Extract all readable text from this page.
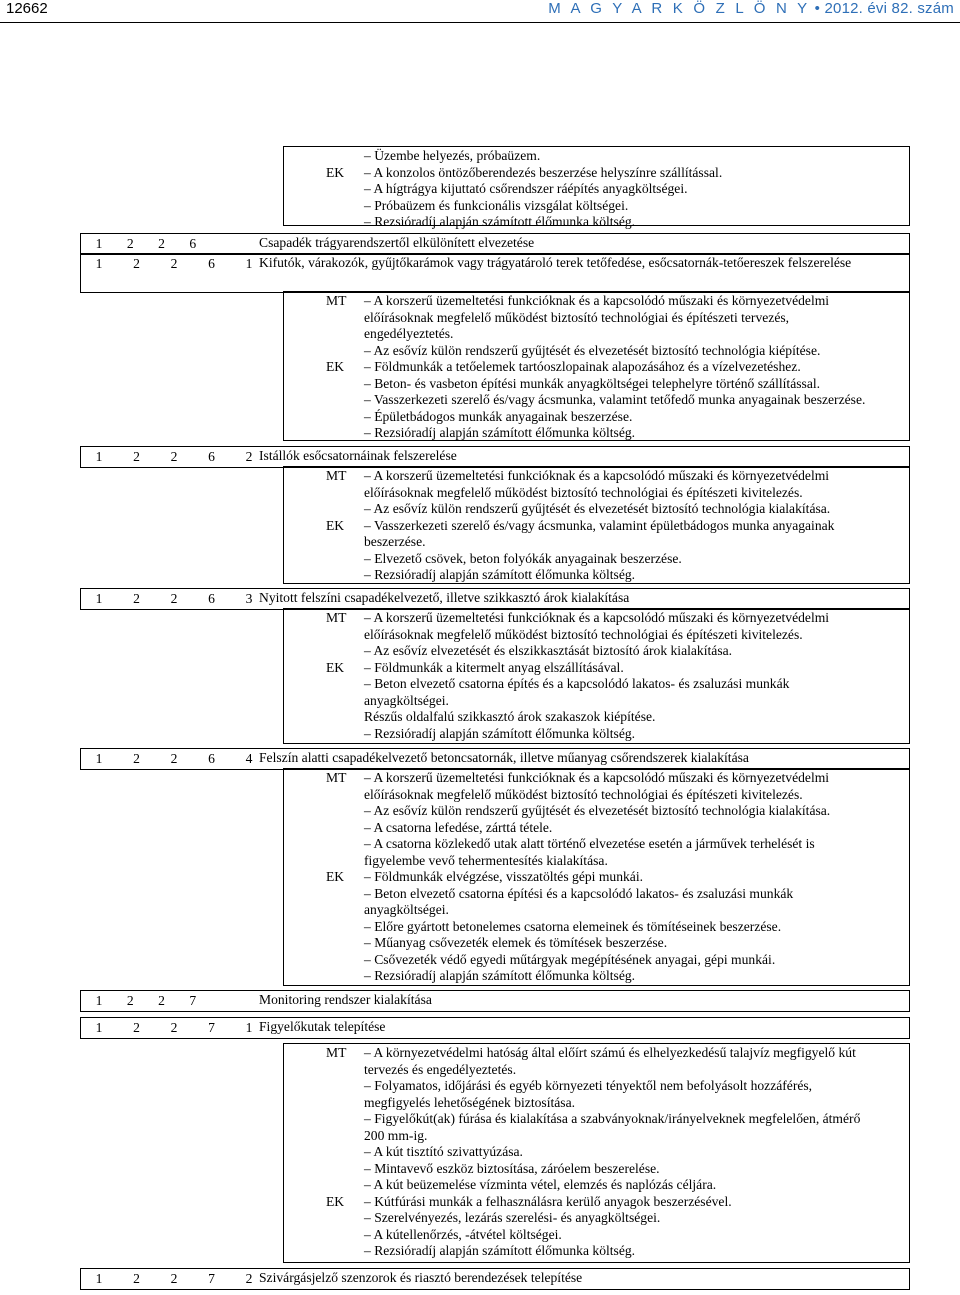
12662	M A G Y A R K Ö Z L Ö N Y • 2012. évi 82. szám
– Üzembe helyezés, próbaüzem.
EK	– A konzolos öntözőberendezés beszerzése helyszínre szállítással.
– A hígtrágya kijuttató csőrendszer ráépítés anyagköltségei.
– Próbaüzem és funkcionális vizsgálat költségei.
– Rezsióradíj alapján számított élőmunka költség.
1 2 2 6	Csapadék trágyarendszertől elkülönített elvezetése
1 2 2 6 1 Kifutók, várakozók, gyűjtőkarámok vagy trágyatároló terek tetőfedése, esőcsatornák-tetőereszek felszerelése
MT	– A korszerű üzemeltetési funkcióknak és a kapcsolódó műszaki és környezetvédelmi
előírásoknak megfelelő működést biztosító technológiai és építészeti tervezés,
engedélyeztetés.
– Az esővíz külön rendszerű gyűjtését és elvezetését biztosító technológia kiépítése.
EK	– Földmunkák a tetőelemek tartóoszlopainak alapozásához és a vízelvezetéshez.
– Beton- és vasbeton építési munkák anyagköltségei telephelyre történő szállítással.
– Vasszerkezeti szerelő és/vagy ácsmunka, valamint tetőfedő munka anyagainak beszerzése.
– Épületbádogos munkák anyagainak beszerzése.
– Rezsióradíj alapján számított élőmunka költség.
1 2 2 6 2 Istállók esőcsatornáinak felszerelése
MT	– A korszerű üzemeltetési funkcióknak és a kapcsolódó műszaki és környezetvédelmi
előírásoknak megfelelő működést biztosító technológiai és építészeti kivitelezés.
– Az esővíz külön rendszerű gyűjtését és elvezetését biztosító technológia kialakítása.
EK	– Vasszerkezeti szerelő és/vagy ácsmunka, valamint épületbádogos munka anyagainak
beszerzése.
– Elvezető csövek, beton folyókák anyagainak beszerzése.
– Rezsióradíj alapján számított élőmunka költség.
1 2 2 6 3 Nyitott felszíni csapadékelvezető, illetve szikkasztó árok kialakítása
MT	– A korszerű üzemeltetési funkcióknak és a kapcsolódó műszaki és környezetvédelmi
előírásoknak megfelelő működést biztosító technológiai és építészeti kivitelezés.
– Az esővíz elvezetését és elszikkasztását biztosító árok kialakítása.
EK	– Földmunkák a kitermelt anyag elszállításával.
– Beton elvezető csatorna építés és a kapcsolódó lakatos- és zsaluzási munkák
anyagköltségei.
Részűs oldalfalú szikkasztó árok szakaszok kiépítése.
– Rezsióradíj alapján számított élőmunka költség.
1 2 2 6 4 Felszín alatti csapadékelvezető betoncsatornák, illetve műanyag csőrendszerek kialakítása
MT	– A korszerű üzemeltetési funkcióknak és a kapcsolódó műszaki és környezetvédelmi
előírásoknak megfelelő működést biztosító technológiai és építészeti kivitelezés.
– Az esővíz külön rendszerű gyűjtését és elvezetését biztosító technológia kialakítása.
– A csatorna lefedése, zárttá tétele.
– A csatorna közlekedő utak alatt történő elvezetése esetén a járművek terhelését is
figyelembe vevő tehermentesítés kialakítása.
EK	– Földmunkák elvégzése, visszatöltés gépi munkái.
– Beton elvezető csatorna építési és a kapcsolódó lakatos- és zsaluzási munkák
anyagköltségei.
– Előre gyártott betonelemes csatorna elemeinek és tömítéseinek beszerzése.
– Műanyag csővezeték elemek és tömítések beszerzése.
– Csővezeték védő egyedi műtárgyak megépítésének anyagai, gépi munkái.
– Rezsióradíj alapján számított élőmunka költség.
1 2 2 7	Monitoring rendszer kialakítása
1 2 2 7 1 Figyelőkutak telepítése
MT	– A környezetvédelmi hatóság által előírt számú és elhelyezkedésű talajvíz megfigyelő kút
tervezés és engedélyeztetés.
– Folyamatos, időjárási és egyéb környezeti tényektől nem befolyásolt hozzáférés,
megfigyelés lehetőségének biztosítása.
– Figyelőkút(ak) fúrása és kialakítása a szabványoknak/irányelveknek megfelelően, átmérő
200 mm-ig.
– A kút tisztító szivattyúzása.
– Mintavevő eszköz biztosítása, záróelem beszerelése.
– A kút beüzemelése vízminta vétel, elemzés és naplózás céljára.
EK	– Kútfúrási munkák a felhasználásra kerülő anyagok beszerzésével.
– Szerelvényezés, lezárás szerelési- és anyagköltségei.
– A kútellenőrzés, -átvétel költségei.
– Rezsióradíj alapján számított élőmunka költség.
1 2 2 7 2 Szivárgásjelző szenzorok és riasztó berendezések telepítése
